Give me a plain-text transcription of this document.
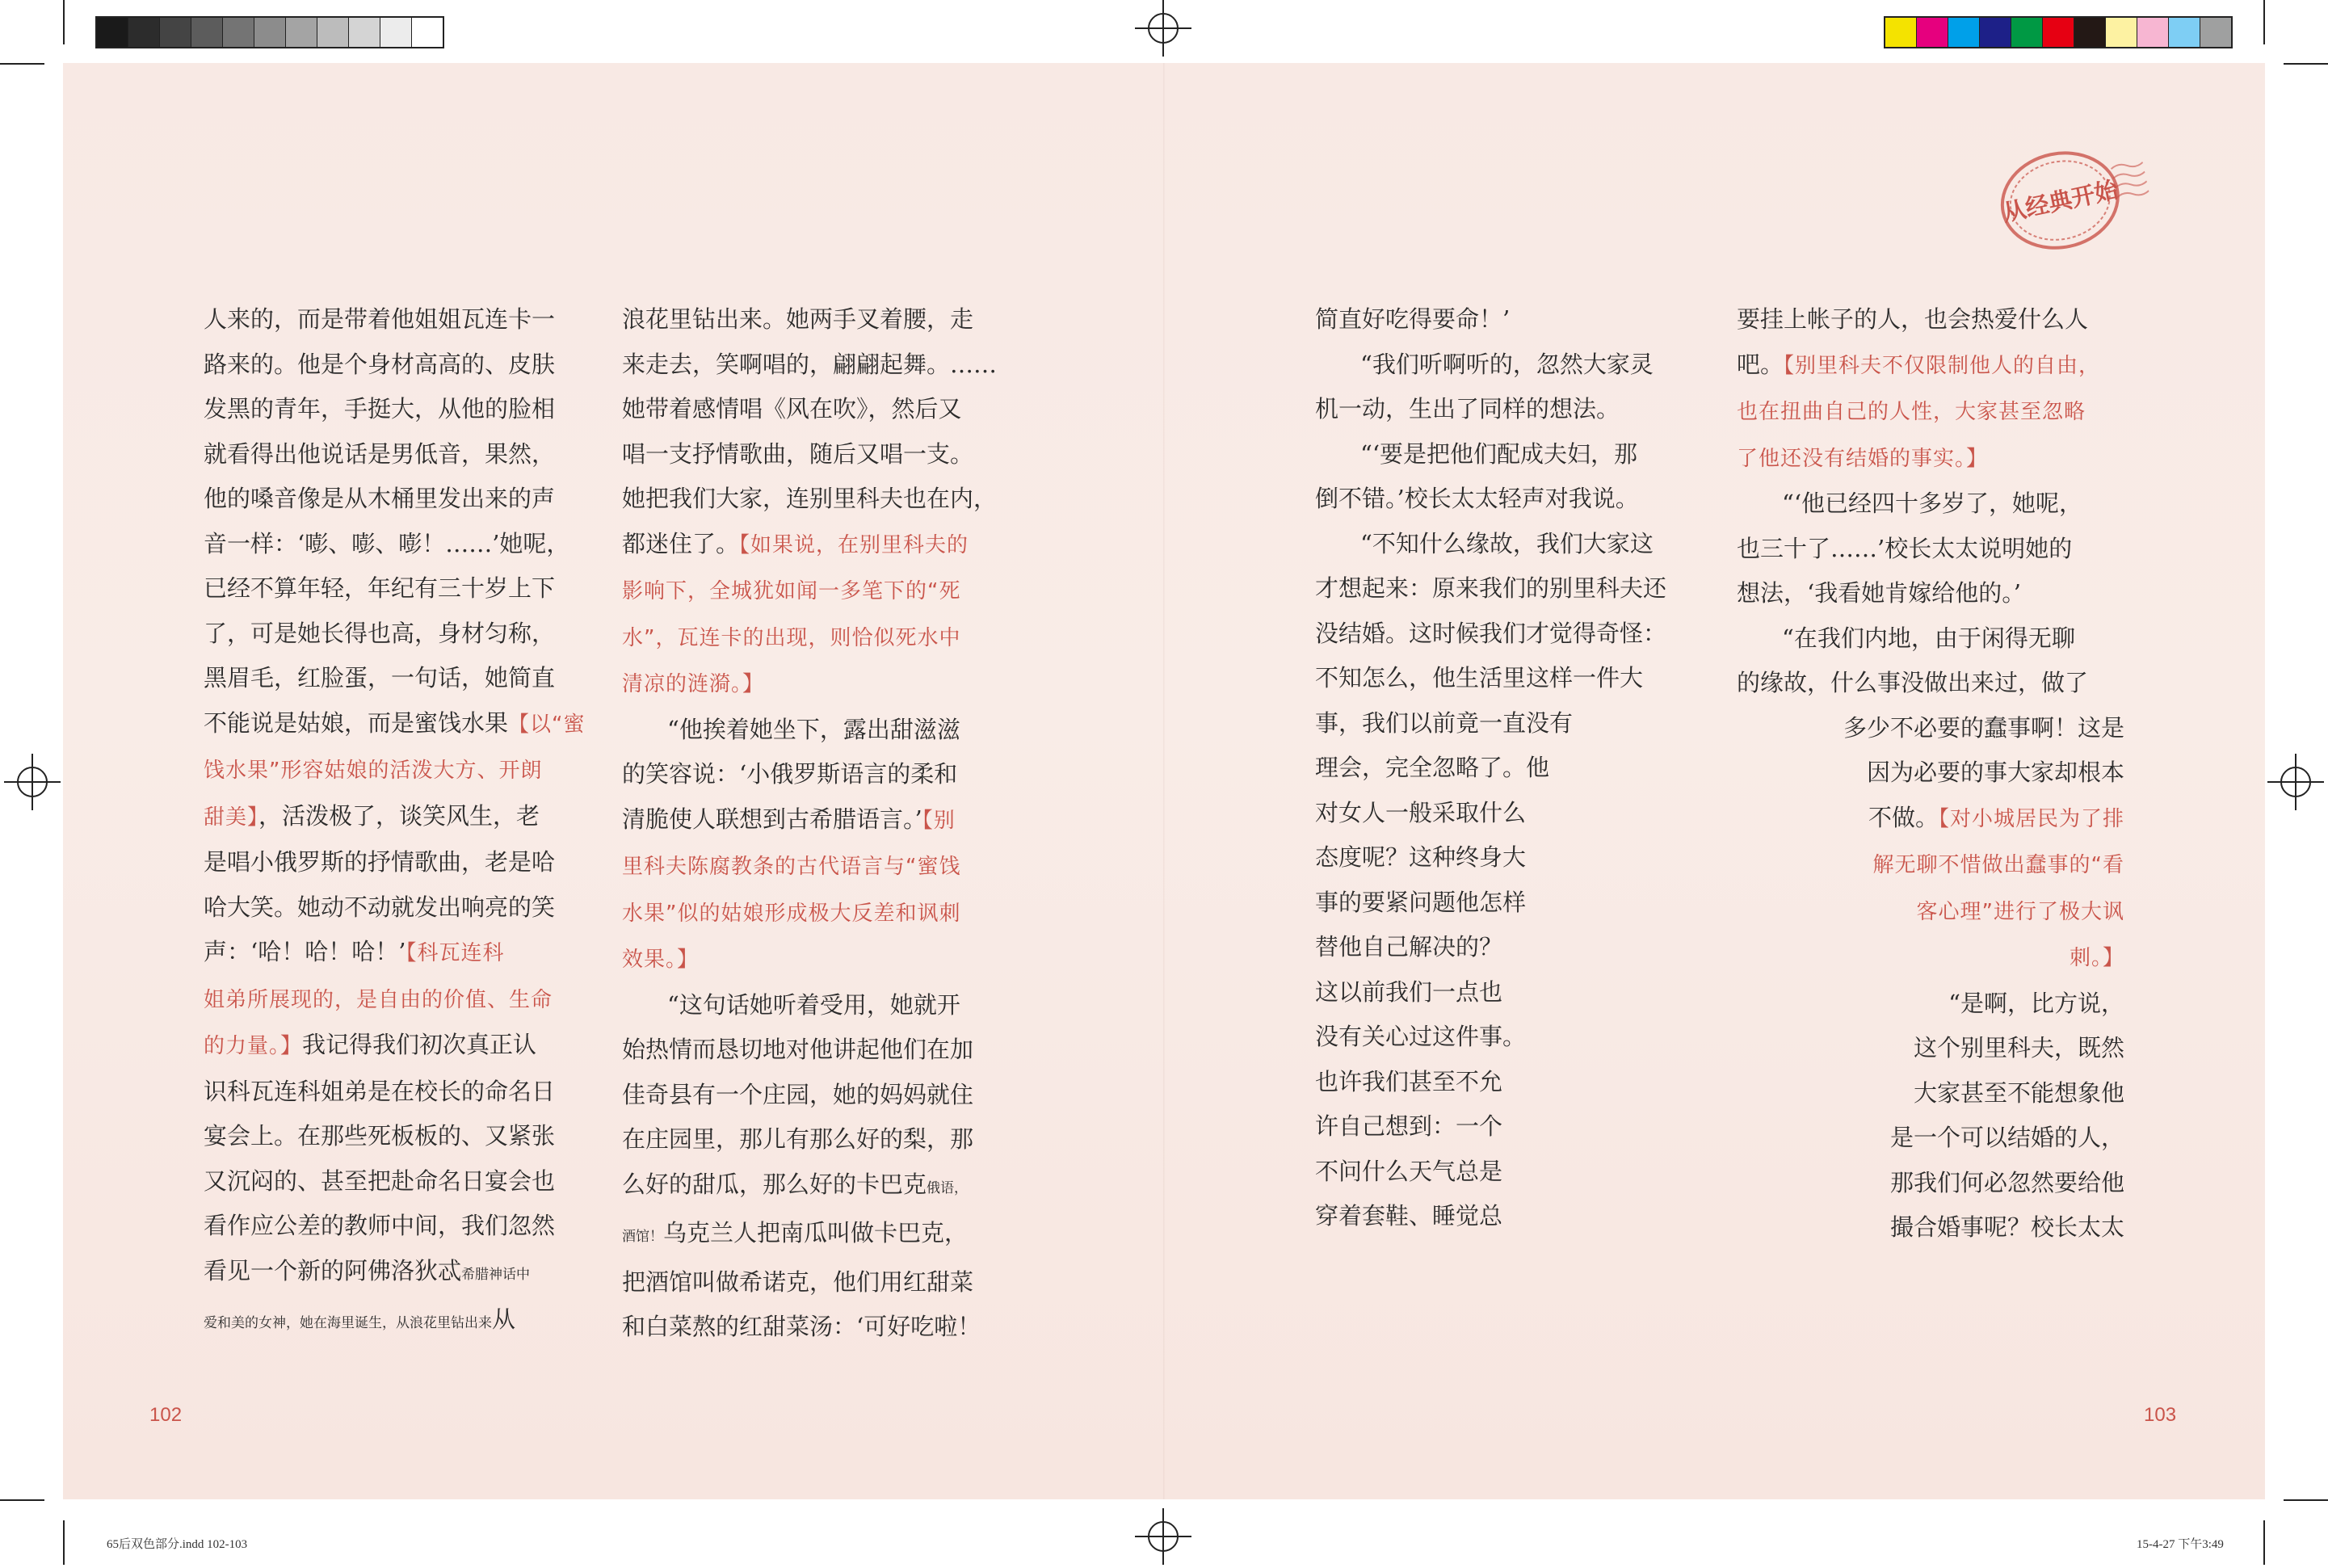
从经典开始

人来的，而是带着他姐姐瓦连卡一

路来的。他是个身材高高的、皮肤

发黑的青年，手挺大，从他的脸相

就看得出他说话是男低音，果然，

他的嗓音像是从木桶里发出来的声

音一样：‘嘭、嘭、嘭！……’她呢，

已经不算年轻，年纪有三十岁上下

了，可是她长得也高，身材匀称，

黑眉毛，红脸蛋，一句话，她简直

不能说是姑娘，而是蜜饯水果【以“蜜

饯水果”形容姑娘的活泼大方、开朗

甜美】，活泼极了，谈笑风生，老

是唱小俄罗斯的抒情歌曲，老是哈

哈大笑。她动不动就发出响亮的笑

声：‘哈！哈！哈！’【科瓦连科

姐弟所展现的，是自由的价值、生命

的力量。】我记得我们初次真正认

识科瓦连科姐弟是在校长的命名日

宴会上。在那些死板板的、又紧张

又沉闷的、甚至把赴命名日宴会也

看作应公差的教师中间，我们忽然

看见一个新的阿佛洛狄忒希腊神话中

爱和美的女神，她在海里诞生，从浪花里钻出来从

浪花里钻出来。她两手叉着腰，走

来走去，笑啊唱的，翩翩起舞。……

她带着感情唱《风在吹》，然后又

唱一支抒情歌曲，随后又唱一支。

她把我们大家，连别里科夫也在内，

都迷住了。【如果说，在别里科夫的

影响下，全城犹如闻一多笔下的“死

水”，瓦连卡的出现，则恰似死水中

清凉的涟漪。】

“他挨着她坐下，露出甜滋滋

的笑容说：‘小俄罗斯语言的柔和

清脆使人联想到古希腊语言。’【别

里科夫陈腐教条的古代语言与“蜜饯

水果”似的姑娘形成极大反差和讽刺

效果。】

“这句话她听着受用，她就开

始热情而恳切地对他讲起他们在加

佳奇县有一个庄园，她的妈妈就住

在庄园里，那儿有那么好的梨，那

么好的甜瓜，那么好的卡巴克俄语，

酒馆！乌克兰人把南瓜叫做卡巴克，

把酒馆叫做希诺克，他们用红甜菜

和白菜熬的红甜菜汤：‘可好吃啦！

简直好吃得要命！’

“我们听啊听的，忽然大家灵

机一动，生出了同样的想法。

“‘要是把他们配成夫妇，那

倒不错。’校长太太轻声对我说。

“不知什么缘故，我们大家这

才想起来：原来我们的别里科夫还

没结婚。这时候我们才觉得奇怪：

不知怎么，他生活里这样一件大

事，我们以前竟一直没有

理会，完全忽略了。他

对女人一般采取什么

态度呢？这种终身大

事的要紧问题他怎样

替他自己解决的？

这以前我们一点也

没有关心过这件事。

也许我们甚至不允

许自己想到：一个

不问什么天气总是

穿着套鞋、睡觉总

要挂上帐子的人，也会热爱什么人

吧。【别里科夫不仅限制他人的自由，

也在扭曲自己的人性，大家甚至忽略

了他还没有结婚的事实。】

“‘他已经四十多岁了，她呢，

也三十了……’校长太太说明她的

想法，‘我看她肯嫁给他的。’

“在我们内地，由于闲得无聊

的缘故，什么事没做出来过，做了

多少不必要的蠢事啊！这是

因为必要的事大家却根本

不做。【对小城居民为了排

解无聊不惜做出蠢事的“看

客心理”进行了极大讽

刺。】

“是啊，比方说，

这个别里科夫，既然

大家甚至不能想象他

是一个可以结婚的人，

那我们何必忽然要给他

撮合婚事呢？校长太太

102	103
65后双色部分.indd 102-103	15-4-27 下午3:49
